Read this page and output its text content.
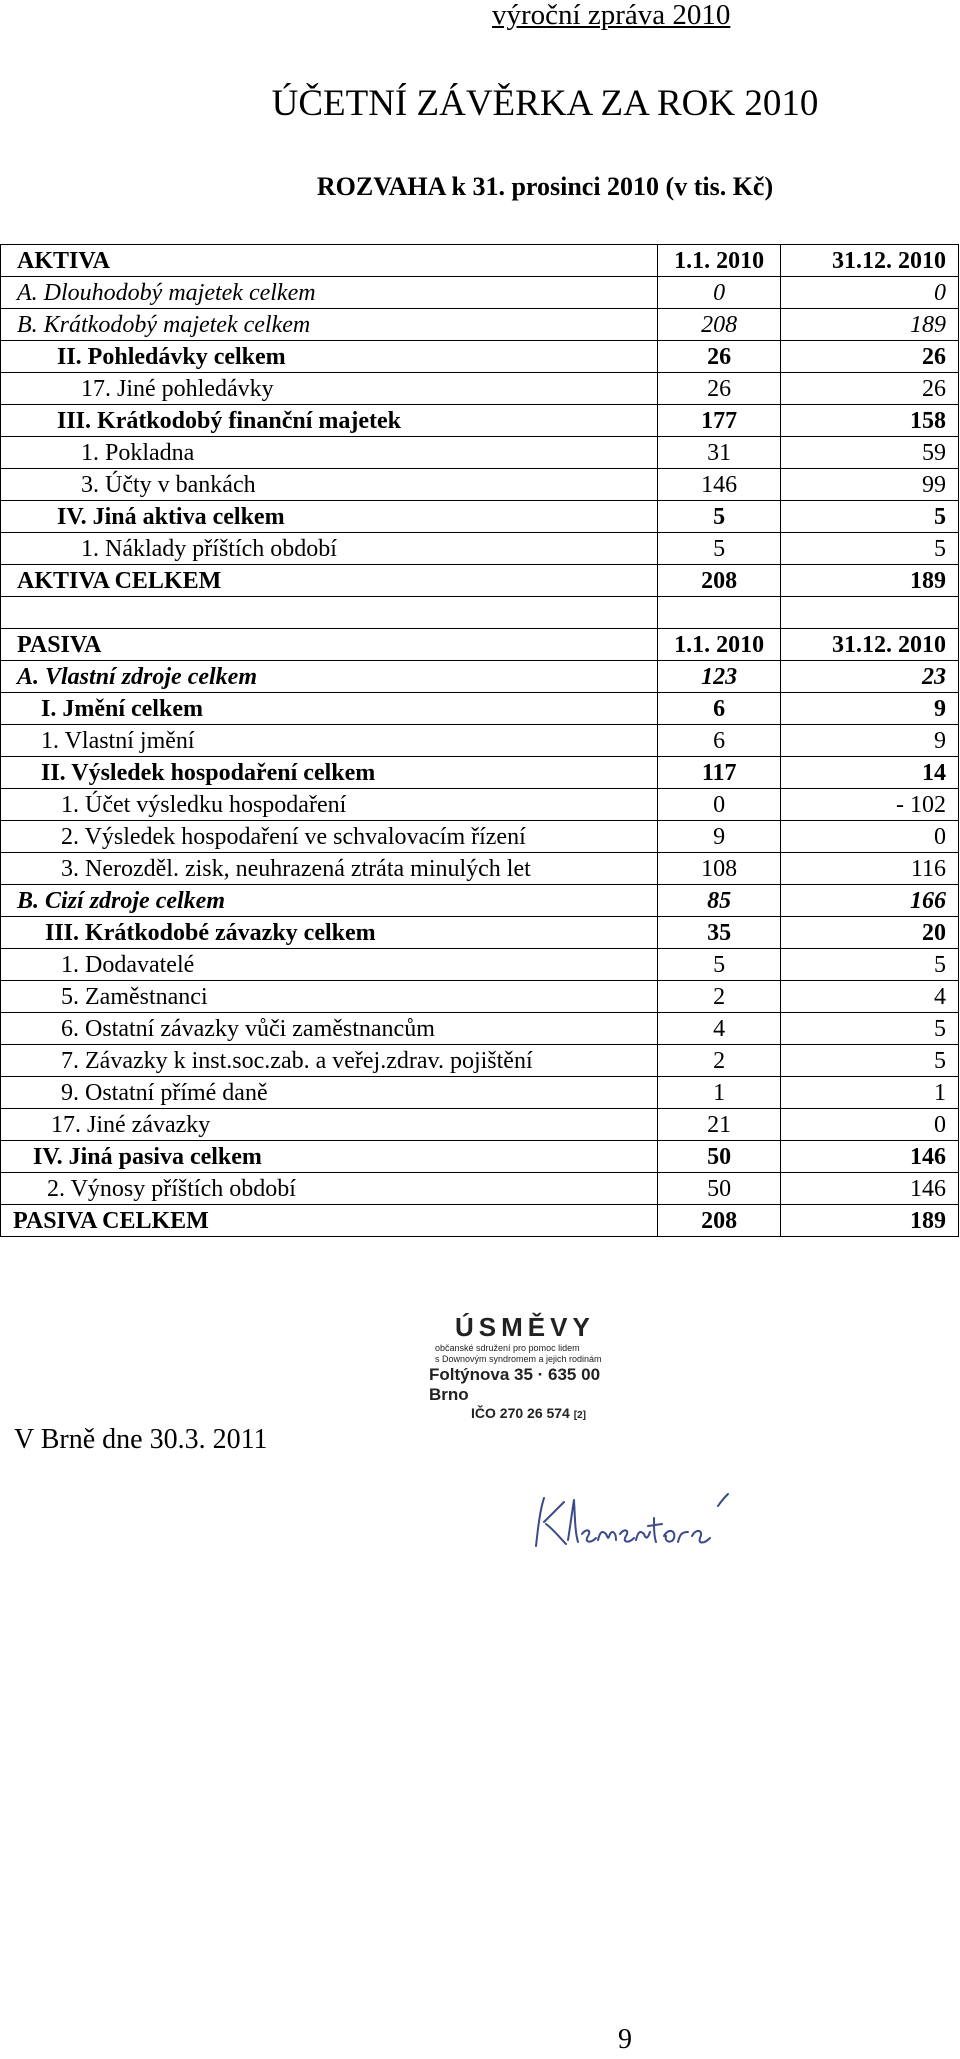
výroční zpráva 2010
ÚČETNÍ ZÁVĚRKA ZA ROK 2010
ROZVAHA k 31. prosinci 2010 (v tis. Kč)
AKTIVA	1.1. 2010	31.12. 2010
A. Dlouhodobý majetek celkem	0	0
B. Krátkodobý majetek celkem	208	189
II. Pohledávky celkem	26	26
17. Jiné pohledávky	26	26
III. Krátkodobý finanční majetek	177	158
1. Pokladna	31	59
3. Účty v bankách	146	99
IV. Jiná aktiva celkem	5	5
1. Náklady příštích období	5	5
AKTIVA CELKEM	208	189

PASIVA	1.1. 2010	31.12. 2010
A. Vlastní zdroje celkem	123	23
I. Jmění celkem	6	9
1. Vlastní jmění	6	9
II. Výsledek hospodaření celkem	117	14
1. Účet výsledku hospodaření	0	- 102
2. Výsledek hospodaření ve schvalovacím řízení	9	0
3. Nerozděl. zisk, neuhrazená ztráta minulých let	108	116
B. Cizí zdroje celkem	85	166
III. Krátkodobé závazky celkem	35	20
1. Dodavatelé	5	5
5. Zaměstnanci	2	4
6. Ostatní závazky vůči zaměstnancům	4	5
7. Závazky k inst.soc.zab. a veřej.zdrav. pojištění	2	5
9. Ostatní přímé daně	1	1
17. Jiné závazky	21	0
IV. Jiná pasiva celkem	50	146
2. Výnosy příštích období	50	146
PASIVA CELKEM	208	189
ÚSMĚVY
občanské sdružení pro pomoc lidem
s Downovým syndromem a jejich rodinám
Foltýnova 35 · 635 00 Brno
IČO 270 26 574 [2]
V Brně dne 30.3. 2011
9
